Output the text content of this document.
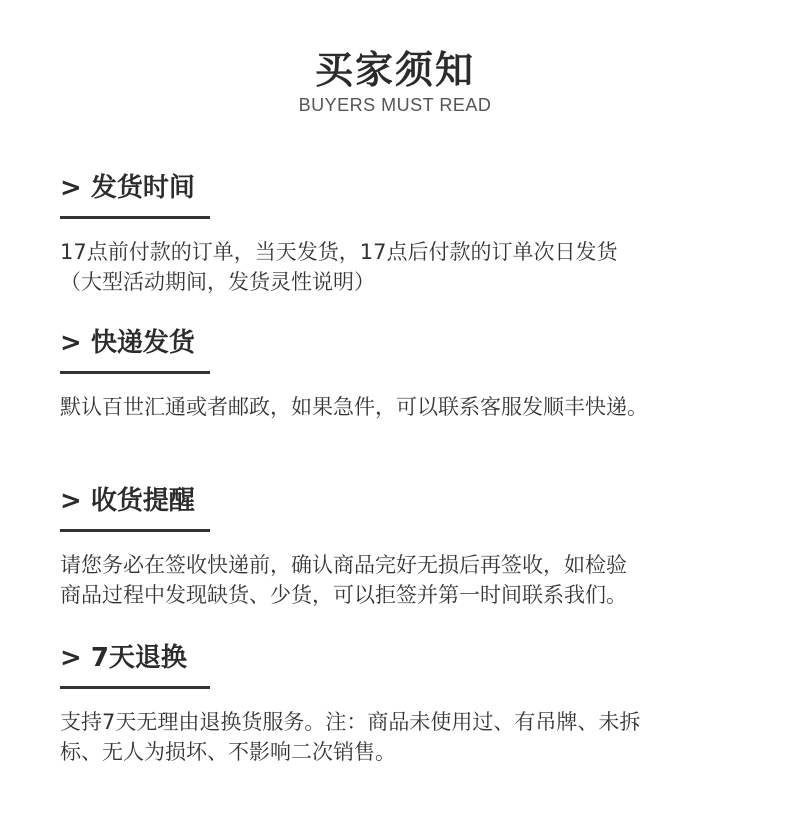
买家须知
BUYERS MUST READ
> 发货时间
17点前付款的订单，当天发货，17点后付款的订单次日发货
（大型活动期间，发货灵性说明）
> 快递发货
默认百世汇通或者邮政，如果急件，可以联系客服发顺丰快递。
> 收货提醒
请您务必在签收快递前，确认商品完好无损后再签收，如检验
商品过程中发现缺货、少货，可以拒签并第一时间联系我们。
> 7天退换
支持7天无理由退换货服务。注：商品未使用过、有吊牌、未拆
标、无人为损坏、不影响二次销售。
